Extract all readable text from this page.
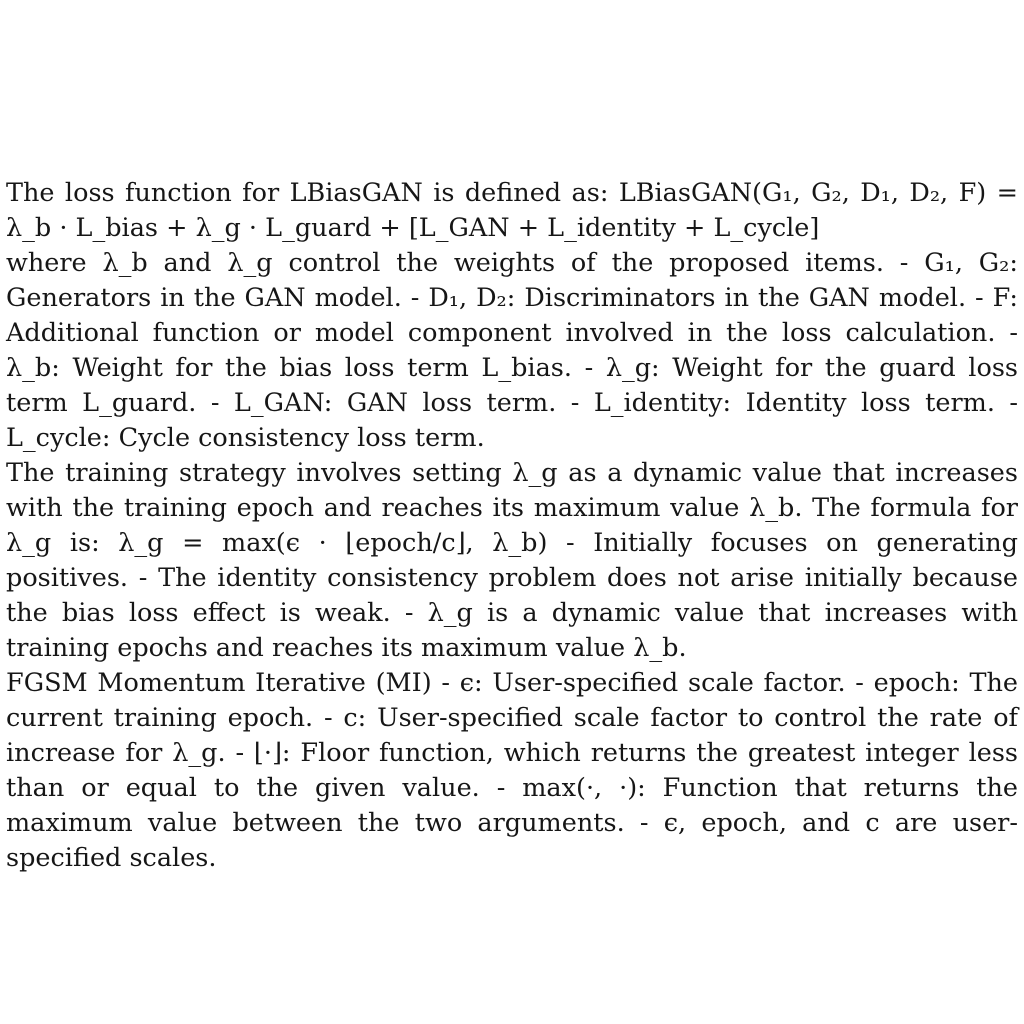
The loss function for LBiasGAN is defined as: LBiasGAN(G₁, G₂, D₁, D₂, F) = λ_b · L_bias + λ_g · L_guard + [L_GAN + L_identity + L_cycle]

where λ_b and λ_g control the weights of the proposed items. - G₁, G₂: Generators in the GAN model. - D₁, D₂: Discriminators in the GAN model. - F: Additional function or model component involved in the loss calculation. - λ_b: Weight for the bias loss term L_bias. - λ_g: Weight for the guard loss term L_guard. - L_GAN: GAN loss term. - L_identity: Identity loss term. - L_cycle: Cycle consistency loss term.

The training strategy involves setting λ_g as a dynamic value that increases with the training epoch and reaches its maximum value λ_b. The formula for λ_g is: λ_g = max(ϵ · ⌊epoch/c⌋, λ_b) - Initially focuses on generating positives. - The identity consistency problem does not arise initially because the bias loss effect is weak. - λ_g is a dynamic value that increases with training epochs and reaches its maximum value λ_b.

FGSM Momentum Iterative (MI) - ϵ: User-specified scale factor. - epoch: The current training epoch. - c: User-specified scale factor to control the rate of increase for λ_g. - ⌊·⌋: Floor function, which returns the greatest integer less than or equal to the given value. - max(·, ·): Function that returns the maximum value between the two arguments. - ϵ, epoch, and c are user-specified scales.
